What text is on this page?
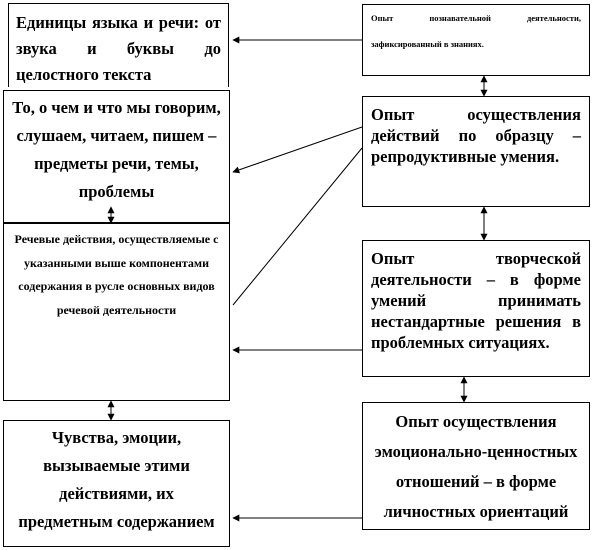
Единицы языка и речи: от звука и буквы до целостного текста
То, о чем и что мы говорим, слушаем, читаем, пишем – предметы речи, темы, проблемы
Речевые действия, осуществляемые с указанными выше компонентами содержания в русле основных видов речевой деятельности
Чувства, эмоции, вызываемые этими действиями, их предметным содержанием
Опыт познавательной деятельности, зафиксированный в знаниях.
Опыт осуществления действий по образцу – репродуктивные умения.
Опыт творческой деятельности – в форме умений принимать нестандартные решения в проблемных ситуациях.
Опыт осуществления эмоционально-ценностных отношений – в форме личностных ориентаций
